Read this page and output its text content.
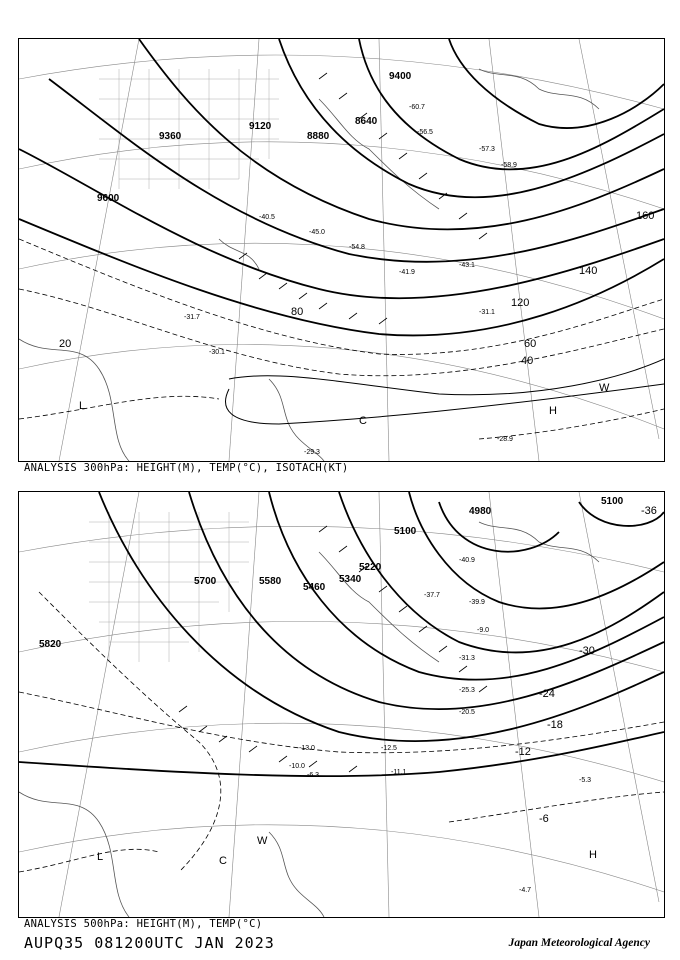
9360
9120
8880
8640
9400
9600
20
40
60
80
120
140
160
H
C
W
L
-57.3
-58.9
-54.8
-41.9
-43.1
-31.1
-30.1
-28.9
-29.3
-31.7
-45.0
-40.5
-60.7
-56.5
ANALYSIS 300hPa: HEIGHT(M), TEMP(°C), ISOTACH(KT)
5820
5700	5580
5460
5340
5220
5100
4980
5100
-36
-30
-24
-18
-12
-6
H
C
W
L
-40.9
-39.9
-37.7
-31.3
-25.3
-20.5
-12.5
-11.1
-5.3
-6.3
-4.7
-13.0
-10.0
-9.0
ANALYSIS 500hPa: HEIGHT(M), TEMP(°C)
AUPQ35 081200UTC JAN 2023	Japan Meteorological Agency
